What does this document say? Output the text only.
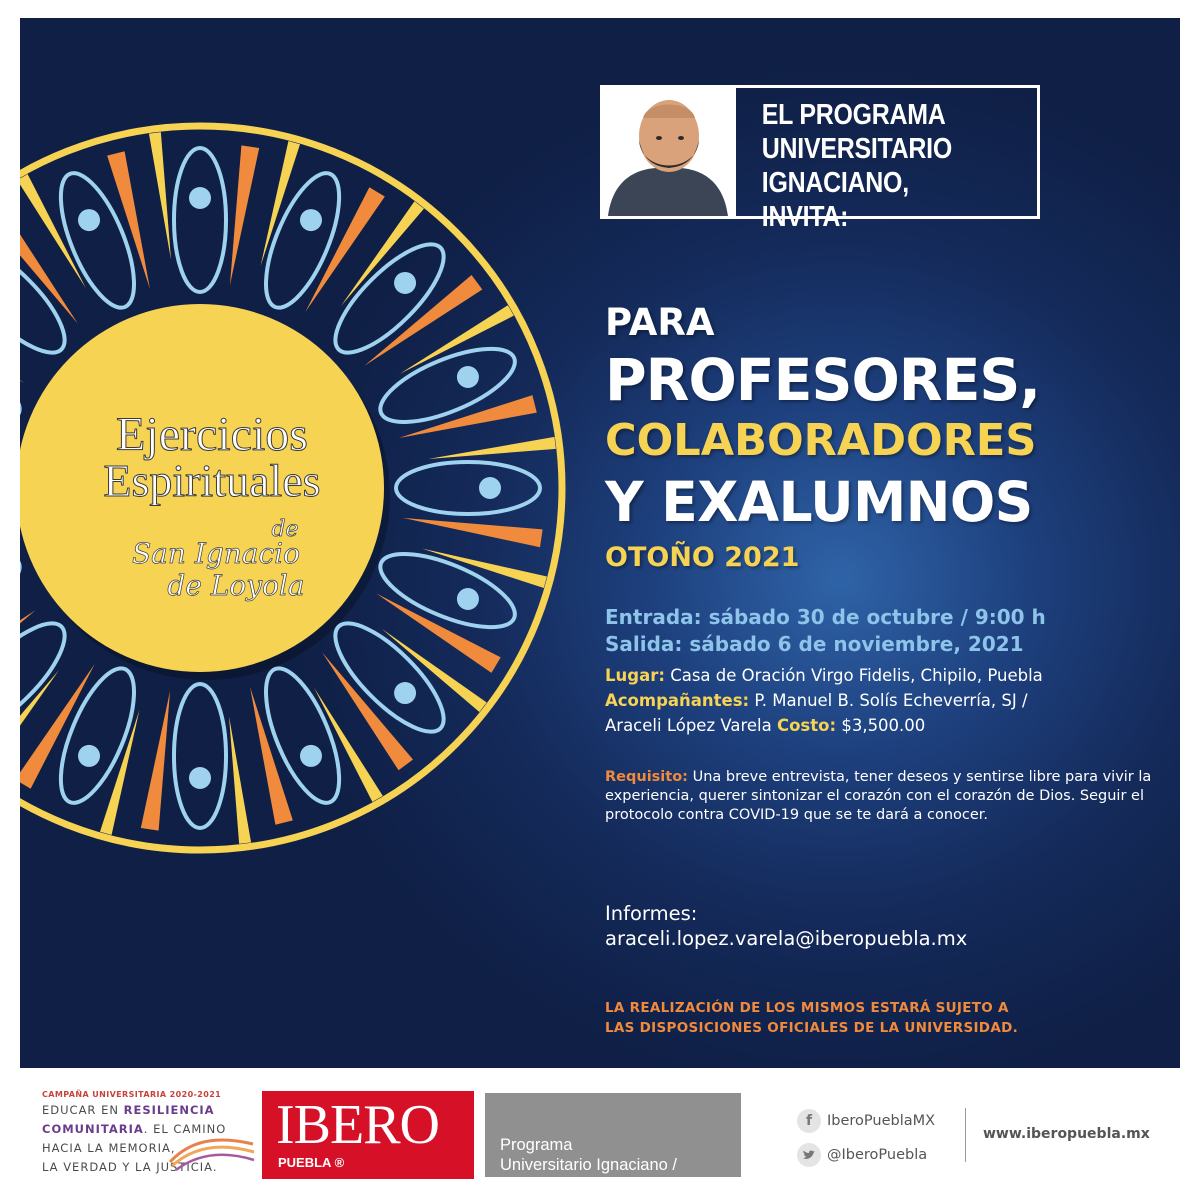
Ejercicios
Espirituales
de
San Ignacio
de Loyola
EL PROGRAMA
UNIVERSITARIO
IGNACIANO, INVITA:
PARA
PROFESORES,
COLABORADORES
Y EXALUMNOS
OTOÑO 2021
Entrada: sábado 30 de octubre / 9:00 h
Salida: sábado 6 de noviembre, 2021
Lugar: Casa de Oración Virgo Fidelis, Chipilo, Puebla
Acompañantes: P. Manuel B. Solís Echeverría, SJ /
Araceli López Varela Costo: $3,500.00
Requisito: Una breve entrevista, tener deseos y sentirse libre para vivir la experiencia, querer sintonizar el corazón con el corazón de Dios. Seguir el protocolo contra COVID-19 que se te dará a conocer.
Informes:
araceli.lopez.varela@iberopuebla.mx
LA REALIZACIÓN DE LOS MISMOS ESTARÁ SUJETO A
LAS DISPOSICIONES OFICIALES DE LA UNIVERSIDAD.
CAMPAÑA UNIVERSITARIA 2020-2021
EDUCAR EN RESILIENCIA
COMUNITARIA. EL CAMINO
HACIA LA MEMORIA,
LA VERDAD Y LA JUSTICIA.
IBERO
PUEBLA ®
Programa
Universitario Ignaciano /
f	IberoPueblaMX
@IberoPuebla
www.iberopuebla.mx
